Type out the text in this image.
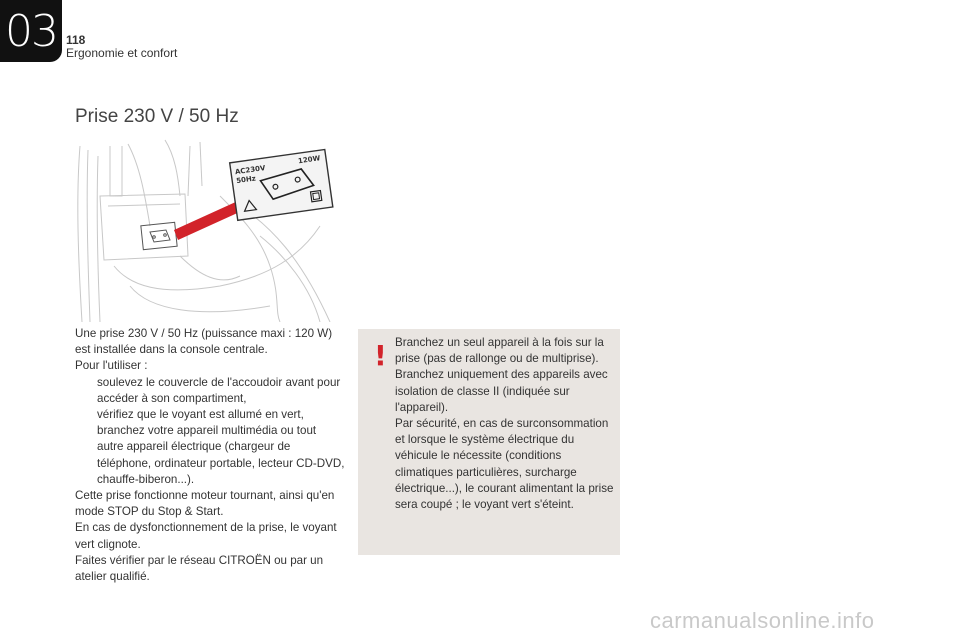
03 118
Ergonomie et confort
Prise 230 V / 50 Hz
AC230V
50Hz
120W
Une prise 230 V / 50 Hz (puissance maxi : 120 W) est installée dans la console centrale.
Pour l'utiliser :
soulevez le couvercle de l'accoudoir avant pour accéder à son compartiment,
vérifiez que le voyant est allumé en vert,
branchez votre appareil multimédia ou tout autre appareil électrique (chargeur de téléphone, ordinateur portable, lecteur CD-DVD, chauffe-biberon...).
Cette prise fonctionne moteur tournant, ainsi qu'en mode STOP du Stop & Start.
En cas de dysfonctionnement de la prise, le voyant vert clignote.
Faites vérifier par le réseau CITROËN ou par un atelier qualifié.
! Branchez un seul appareil à la fois sur la prise (pas de rallonge ou de multiprise).
Branchez uniquement des appareils avec isolation de classe II (indiquée sur l'appareil).
Par sécurité, en cas de surconsommation et lorsque le système électrique du véhicule le nécessite (conditions climatiques particulières, surcharge électrique...), le courant alimentant la prise sera coupé ; le voyant vert s'éteint.
carmanualsonline.info
